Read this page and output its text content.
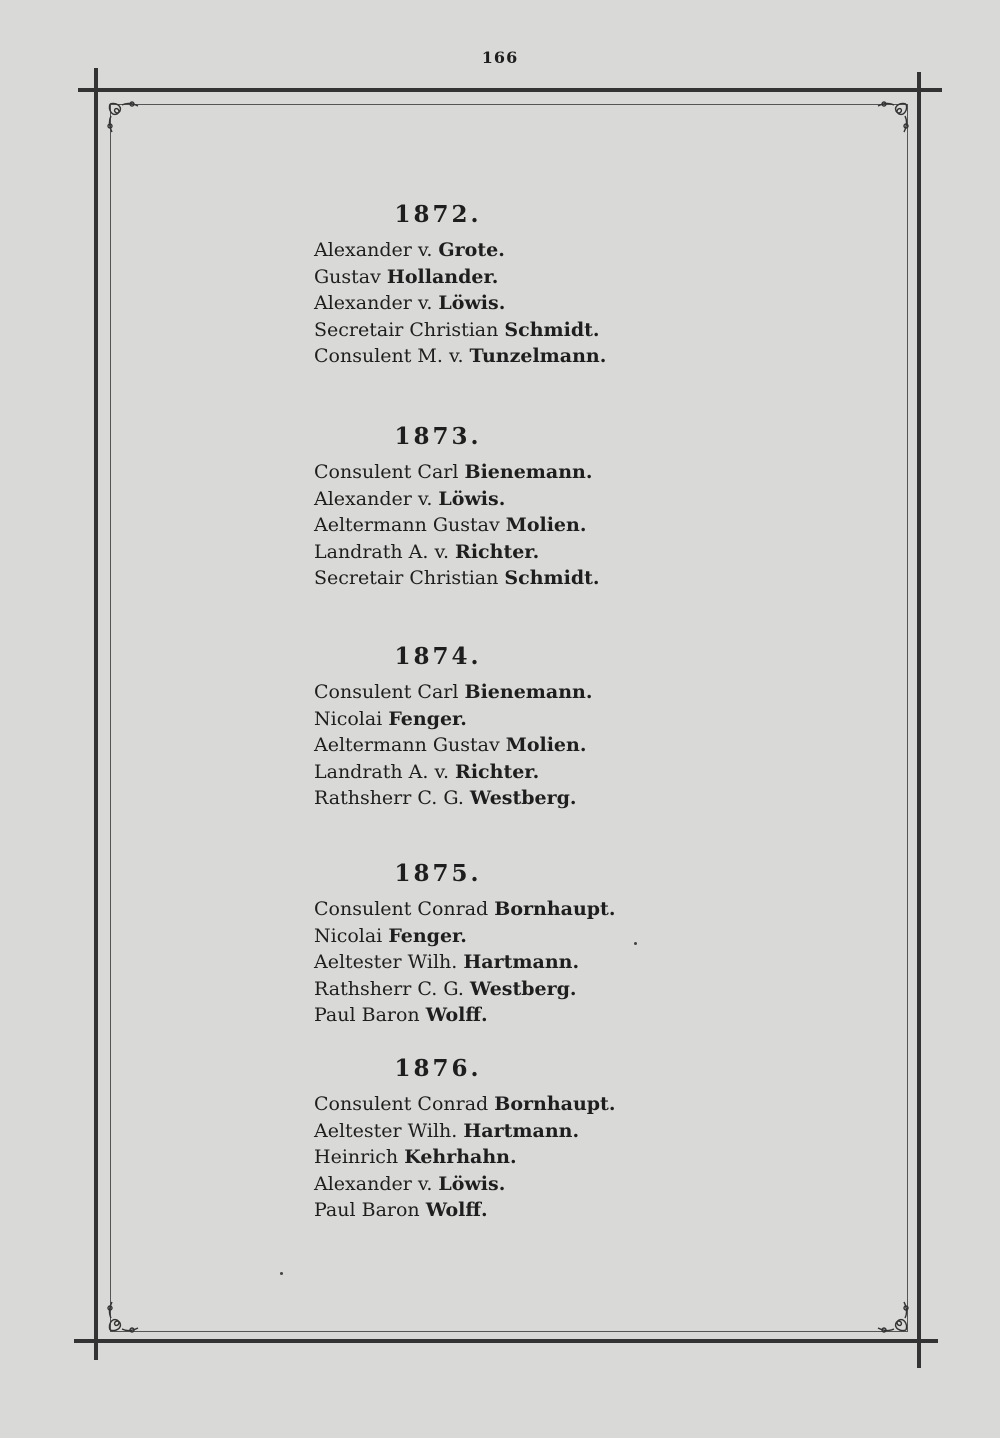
166
1872.
Alexander v. Grote.
Gustav Hollander.
Alexander v. Löwis.
Secretair Christian Schmidt.
Consulent M. v. Tunzelmann.
1873.
Consulent Carl Bienemann.
Alexander v. Löwis.
Aeltermann Gustav Molien.
Landrath A. v. Richter.
Secretair Christian Schmidt.
1874.
Consulent Carl Bienemann.
Nicolai Fenger.
Aeltermann Gustav Molien.
Landrath A. v. Richter.
Rathsherr C. G. Westberg.
1875.
Consulent Conrad Bornhaupt.
Nicolai Fenger.
Aeltester Wilh. Hartmann.
Rathsherr C. G. Westberg.
Paul Baron Wolff.
1876.
Consulent Conrad Bornhaupt.
Aeltester Wilh. Hartmann.
Heinrich Kehrhahn.
Alexander v. Löwis.
Paul Baron Wolff.
